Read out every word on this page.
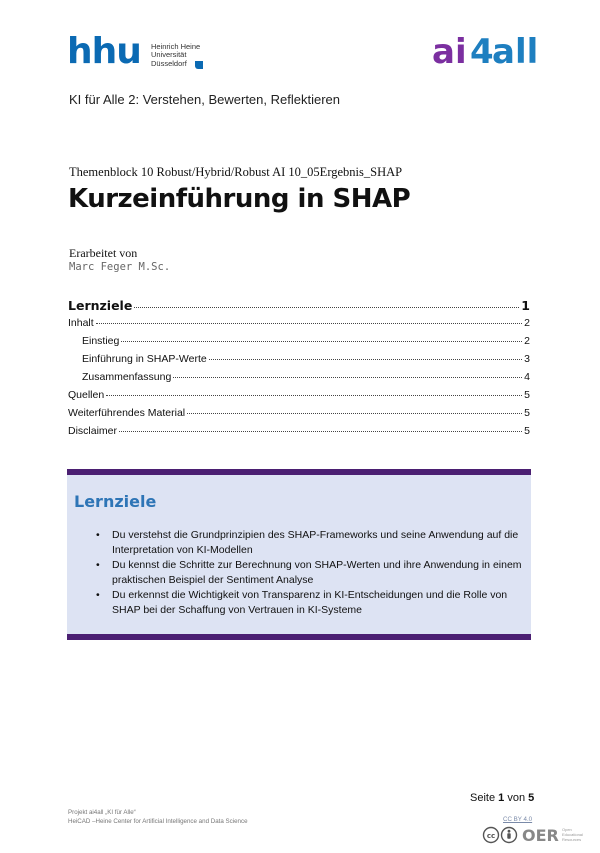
hhu Heinrich Heine
Universität
Düsseldorf	ai 4
all
KI für Alle 2: Verstehen, Bewerten, Reflektieren
Themenblock 10 Robust/Hybrid/Robust AI 10_05Ergebnis_SHAP
Kurzeinführung in SHAP
Erarbeitet von
Marc Feger M.Sc.
Lernziele	1
Inhalt	2
Einstieg	2
Einführung in SHAP-Werte	3
Zusammenfassung	4
Quellen	5
Weiterführendes Material	5
Disclaimer	5
Lernziele
• Du verstehst die Grundprinzipien des SHAP-Frameworks und seine Anwendung auf die Interpretation von KI-Modellen
• Du kennst die Schritte zur Berechnung von SHAP-Werten und ihre Anwendung in einem praktischen Beispiel der Sentiment Analyse
• Du erkennst die Wichtigkeit von Transparenz in KI-Entscheidungen und die Rolle von SHAP bei der Schaffung von Vertrauen in KI-Systeme
Seite 1 von 5
Projekt ai4all „KI für Alle“
HeiCAD –Heine Center for Artificial Intelligence and Data Science	CC BY 4.0
cc OER Open
Educational
Resources
